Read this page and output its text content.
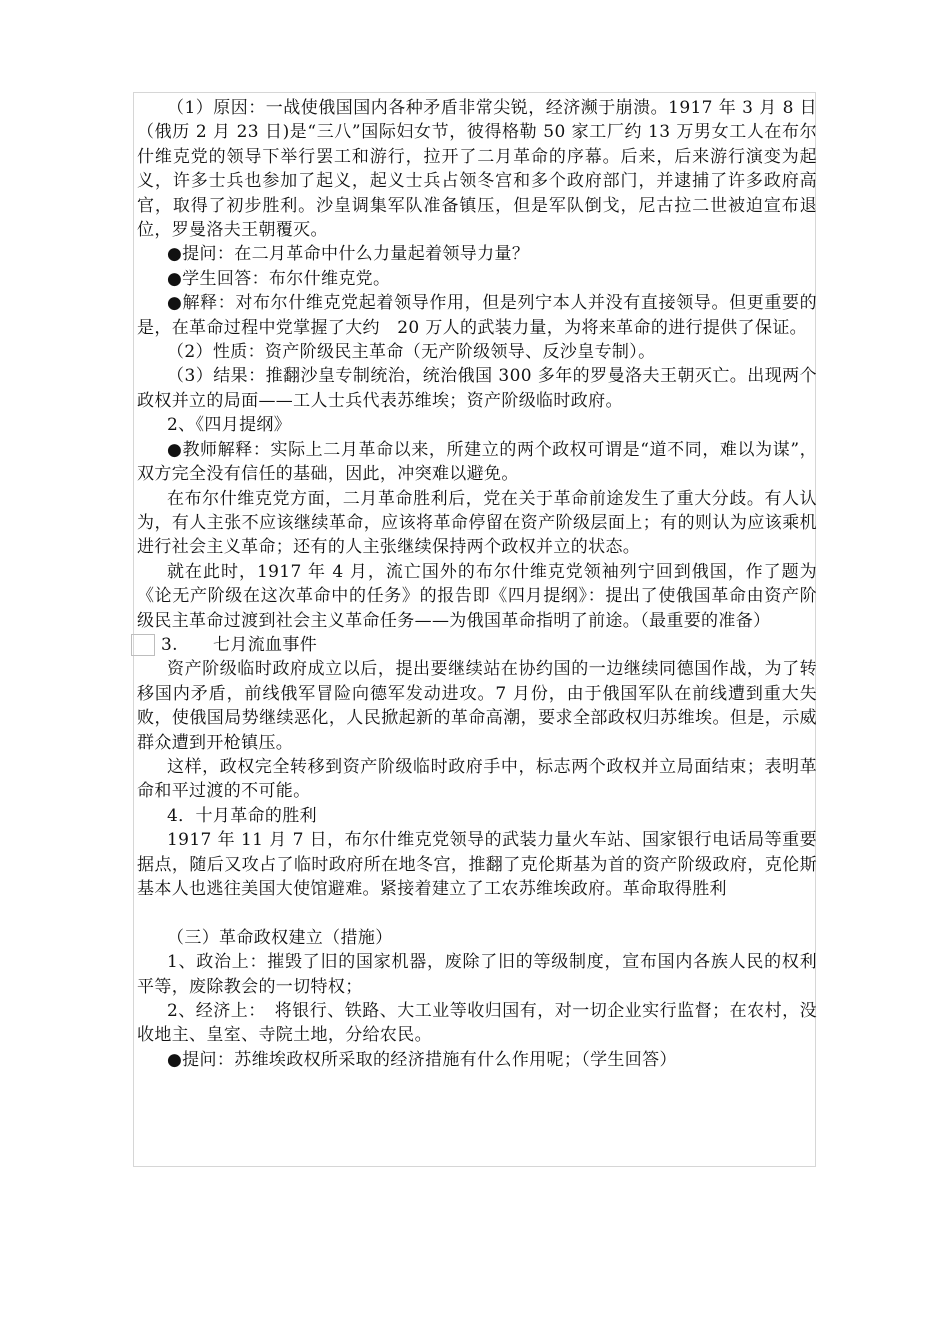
（1）原因：一战使俄国国内各种矛盾非常尖锐，经济濒于崩溃。1917 年 3 月 8 日（俄历 2 月 23 日)是“三八”国际妇女节，彼得格勒 50 家工厂约 13 万男女工人在布尔什维克党的领导下举行罢工和游行，拉开了二月革命的序幕。后来，后来游行演变为起义，许多士兵也参加了起义，起义士兵占领冬宫和多个政府部门，并逮捕了许多政府高官，取得了初步胜利。沙皇调集军队准备镇压，但是军队倒戈，尼古拉二世被迫宣布退位，罗曼洛夫王朝覆灭。

●提问：在二月革命中什么力量起着领导力量？

●学生回答：布尔什维克党。

●解释：对布尔什维克党起着领导作用，但是列宁本人并没有直接领导。但更重要的是，在革命过程中党掌握了大约　20 万人的武装力量，为将来革命的进行提供了保证。

（2）性质：资产阶级民主革命（无产阶级领导、反沙皇专制）。

（3）结果：推翻沙皇专制统治，统治俄国 300 多年的罗曼洛夫王朝灭亡。出现两个政权并立的局面——工人士兵代表苏维埃；资产阶级临时政府。

2、《四月提纲》

●教师解释：实际上二月革命以来，所建立的两个政权可谓是“道不同，难以为谋”，双方完全没有信任的基础，因此，冲突难以避免。

在布尔什维克党方面，二月革命胜利后，党在关于革命前途发生了重大分歧。有人认为，有人主张不应该继续革命，应该将革命停留在资产阶级层面上；有的则认为应该乘机进行社会主义革命；还有的人主张继续保持两个政权并立的状态。

就在此时，1917 年 4 月，流亡国外的布尔什维克党领袖列宁回到俄国，作了题为《论无产阶级在这次革命中的任务》的报告即《四月提纲》：提出了使俄国革命由资产阶级民主革命过渡到社会主义革命任务——为俄国革命指明了前途。（最重要的准备）

3. 七月流血事件

资产阶级临时政府成立以后，提出要继续站在协约国的一边继续同德国作战，为了转移国内矛盾，前线俄军冒险向德军发动进攻。7 月份，由于俄国军队在前线遭到重大失败，使俄国局势继续恶化，人民掀起新的革命高潮，要求全部政权归苏维埃。但是，示威群众遭到开枪镇压。

这样，政权完全转移到资产阶级临时政府手中，标志两个政权并立局面结束；表明革命和平过渡的不可能。

4．十月革命的胜利

1917 年 11 月 7 日，布尔什维克党领导的武装力量火车站、国家银行电话局等重要据点，随后又攻占了临时政府所在地冬宫，推翻了克伦斯基为首的资产阶级政府，克伦斯基本人也逃往美国大使馆避难。紧接着建立了工农苏维埃政府。革命取得胜利

（三）革命政权建立（措施）

1、政治上：摧毁了旧的国家机器，废除了旧的等级制度，宣布国内各族人民的权利平等，废除教会的一切特权；

2、经济上：　将银行、铁路、大工业等收归国有，对一切企业实行监督；在农村，没收地主、皇室、寺院土地，分给农民。

●提问：苏维埃政权所采取的经济措施有什么作用呢；（学生回答）
